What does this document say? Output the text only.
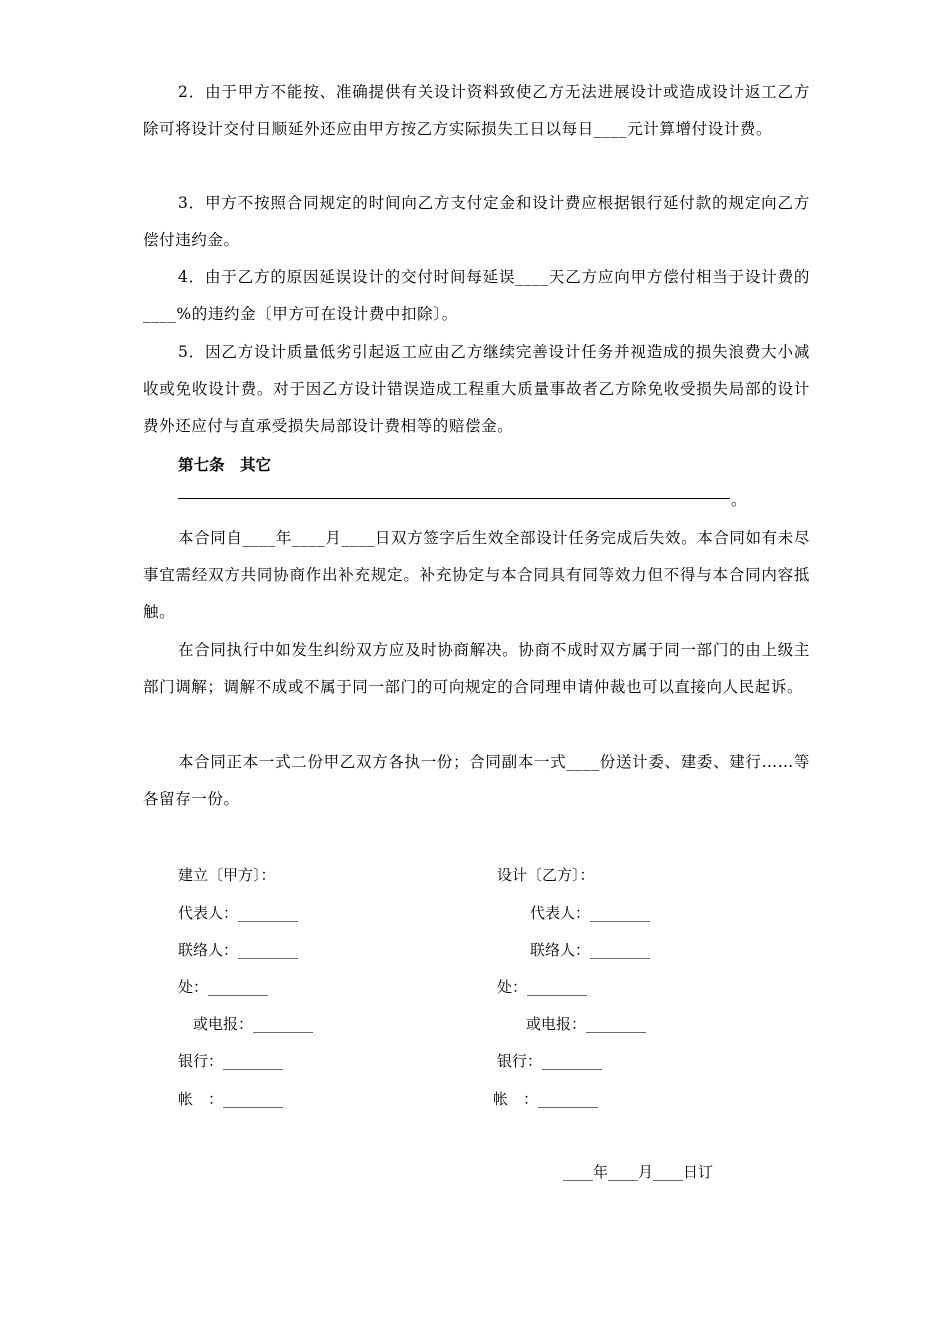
2．由于甲方不能按、准确提供有关设计资料致使乙方无法进展设计或造成设计返工乙方除可将设计交付日顺延外还应由甲方按乙方实际损失工日以每日____元计算增付设计费。

3．甲方不按照合同规定的时间向乙方支付定金和设计费应根据银行延付款的规定向乙方偿付违约金。

4．由于乙方的原因延误设计的交付时间每延误____天乙方应向甲方偿付相当于设计费的____%的违约金〔甲方可在设计费中扣除〕。

5．因乙方设计质量低劣引起返工应由乙方继续完善设计任务并视造成的损失浪费大小减收或免收设计费。对于因乙方设计错误造成工程重大质量事故者乙方除免收受损失局部的设计费外还应付与直承受损失局部设计费相等的赔偿金。

第七条　其它
。

本合同自____年____月____日双方签字后生效全部设计任务完成后失效。本合同如有未尽事宜需经双方共同协商作出补充规定。补充协定与本合同具有同等效力但不得与本合同内容抵触。

在合同执行中如发生纠纷双方应及时协商解决。协商不成时双方属于同一部门的由上级主部门调解；调解不成或不属于同一部门的可向规定的合同理申请仲裁也可以直接向人民起诉。

本合同正本一式二份甲乙双方各执一份；合同副本一式____份送计委、建委、建行……等各留存一份。

建立〔甲方〕：
代表人：________
联络人：________
处：________
或电报：________
银行：________
帐　：________
设计〔乙方〕：
代表人：________
联络人：________
处：________
或电报：________
银行：________
帐　：________
____年____月____日订
